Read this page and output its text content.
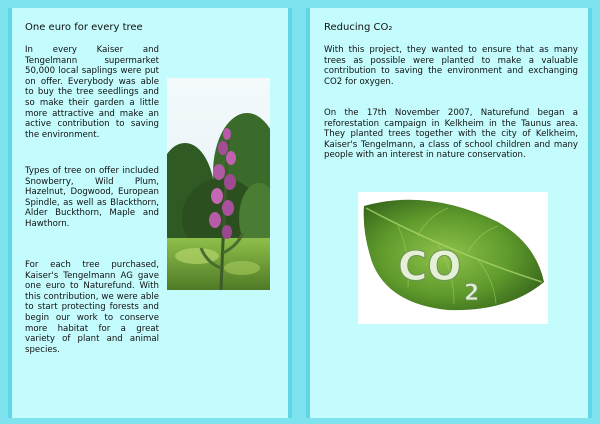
One euro for every tree
In every Kaiser and Tengelmann supermarket 50,000 local saplings were put on offer. Everybody was able to buy the tree seedlings and so make their garden a little more attractive and make an active contribution to saving the environment.
Types of tree on offer included Snowberry, Wild Plum, Hazelnut, Dogwood, European Spindle, as well as Blackthorn, Alder Buckthorn, Maple and Hawthorn.
For each tree purchased, Kaiser's Tengelmann AG gave one euro to Naturefund. With this contribution, we were able to start protecting forests and begin our work to conserve more habitat for a great variety of plant and animal species.
Reducing CO₂
With this project, they wanted to ensure that as many trees as possible were planted to make a valuable contribution to saving the environment and exchanging CO2 for oxygen.
On the 17th November 2007, Naturefund began a reforestation campaign in Kelkheim in the Taunus area. They planted trees together with the city of Kelkheim, Kaiser's Tengelmann, a class of school children and many people with an interest in nature conservation.
CO
2
